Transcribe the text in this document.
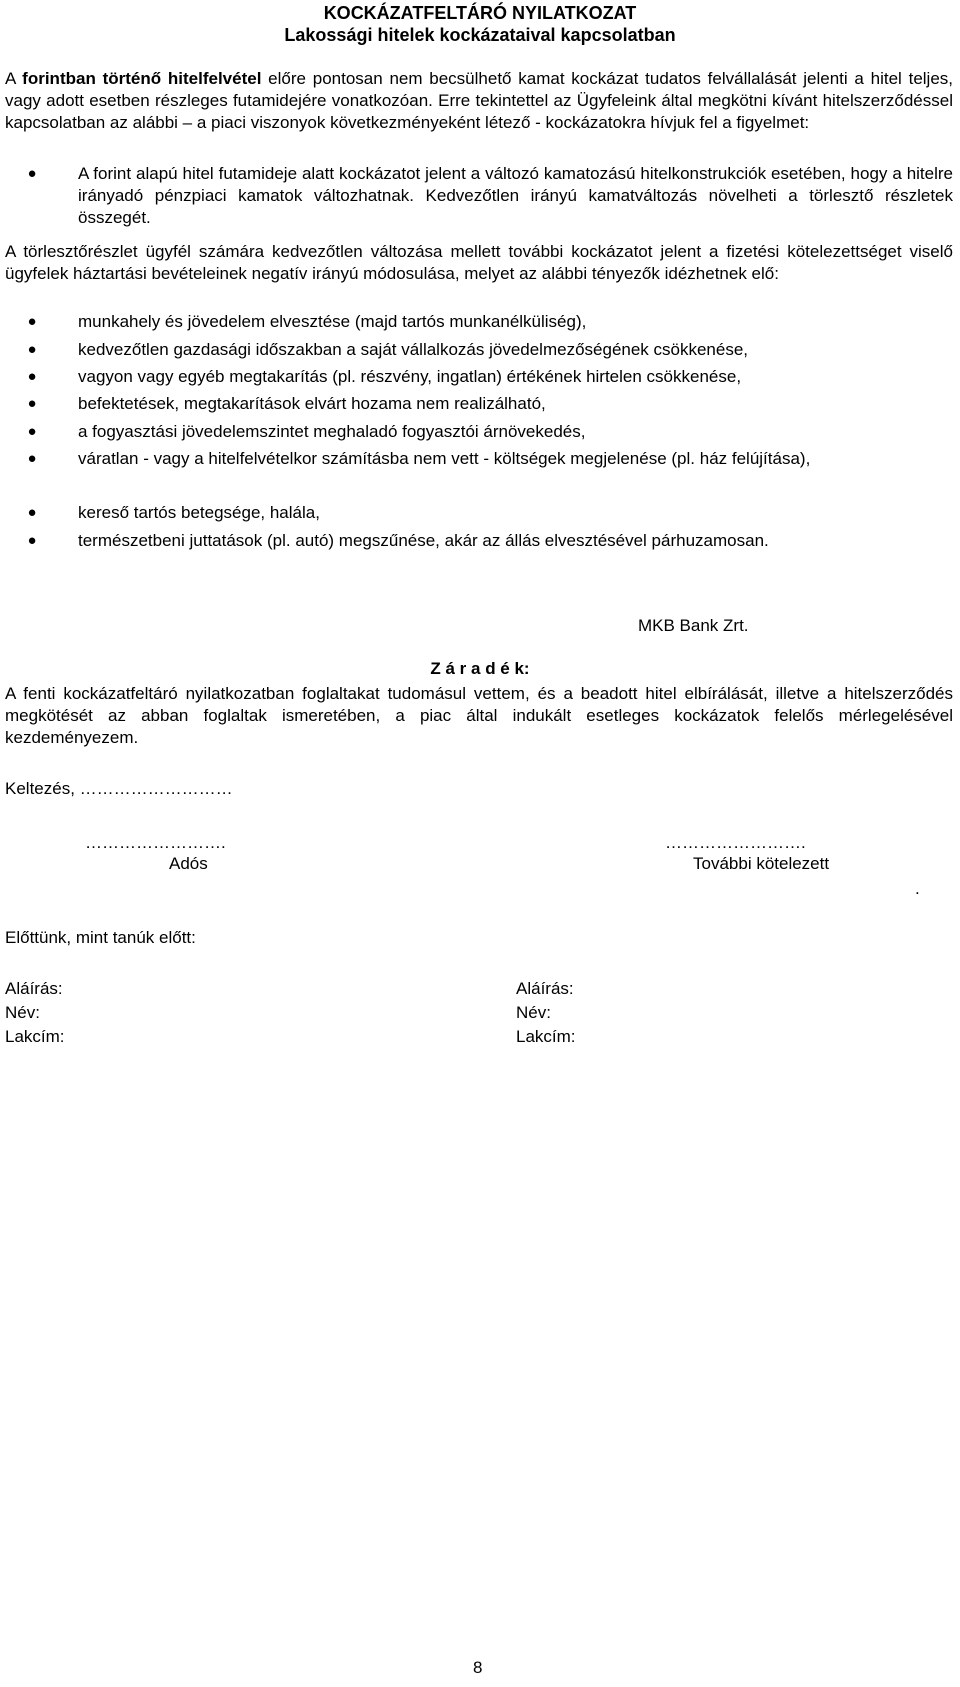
KOCKÁZATFELTÁRÓ NYILATKOZAT
Lakossági hitelek kockázataival kapcsolatban

A forintban történő hitelfelvétel előre pontosan nem becsülhető kamat kockázat tudatos felvállalását jelenti a hitel teljes, vagy adott esetben részleges futamidejére vonatkozóan. Erre tekintettel az Ügyfeleink által megkötni kívánt hitelszerződéssel kapcsolatban az alábbi – a piaci viszonyok következményeként létező - kockázatokra hívjuk fel a figyelmet:

●	A forint alapú hitel futamideje alatt kockázatot jelent a változó kamatozású hitelkonstrukciók esetében, hogy a hitelre irányadó pénzpiaci kamatok változhatnak. Kedvezőtlen irányú kamatváltozás növelheti a törlesztő részletek összegét.

A törlesztőrészlet ügyfél számára kedvezőtlen változása mellett további kockázatot jelent a fizetési kötelezettséget viselő ügyfelek háztartási bevételeinek negatív irányú módosulása, melyet az alábbi tényezők idézhetnek elő:

●	munkahely és jövedelem elvesztése (majd tartós munkanélküliség),

●	kedvezőtlen gazdasági időszakban a saját vállalkozás jövedelmezőségének csökkenése,

●	vagyon vagy egyéb megtakarítás (pl. részvény, ingatlan) értékének hirtelen csökkenése,

●	befektetések, megtakarítások elvárt hozama nem realizálható,

●	a fogyasztási jövedelemszintet meghaladó fogyasztói árnövekedés,

●	váratlan - vagy a hitelfelvételkor számításba nem vett - költségek megjelenése (pl. ház felújítása),

●	kereső tartós betegsége, halála,

●	természetbeni juttatások (pl. autó) megszűnése, akár az állás elvesztésével párhuzamosan.

MKB Bank Zrt.
Z á r a d é k:

A fenti kockázatfeltáró nyilatkozatban foglaltakat tudomásul vettem, és a beadott hitel elbírálását, illetve a hitelszerződés megkötését az abban foglaltak ismeretében, a piac által indukált esetleges kockázatok felelős mérlegelésével kezdeményezem.

Keltezés, ………………………
…………………….
Adós
…………………….
További kötelezett
.
Előttünk, mint tanúk előtt:
Aláírás:
Név:
Lakcím:
Aláírás:
Név:
Lakcím:
8
